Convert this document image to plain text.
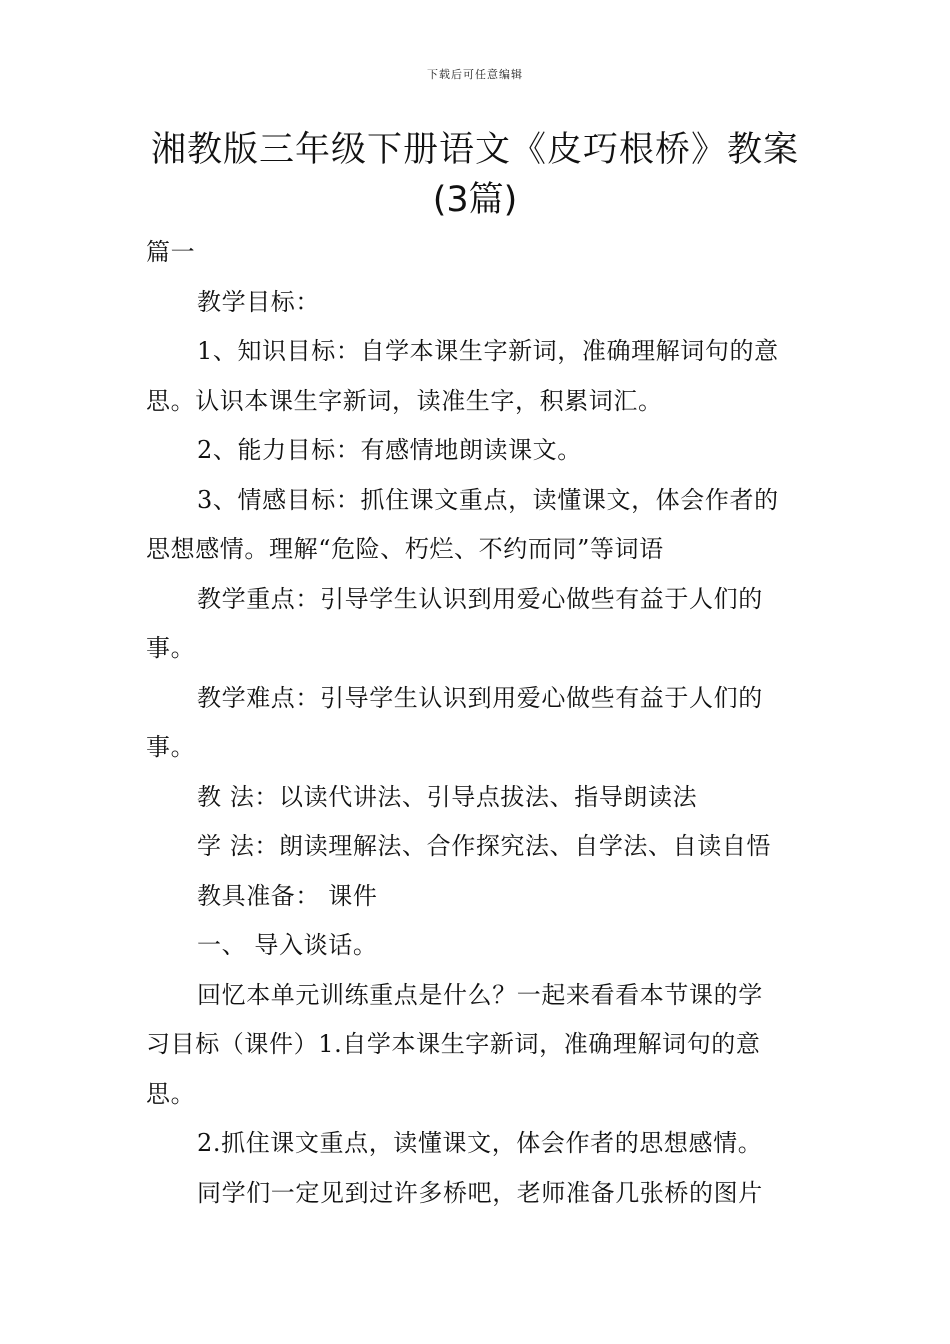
下载后可任意编辑
湘教版三年级下册语文《皮巧根桥》教案
(3篇)
篇一
教学目标：
1、知识目标：自学本课生字新词，准确理解词句的意
思。认识本课生字新词，读准生字，积累词汇。
2、能力目标：有感情地朗读课文。
3、情感目标：抓住课文重点，读懂课文，体会作者的
思想感情。理解“危险、朽烂、不约而同”等词语
教学重点：引导学生认识到用爱心做些有益于人们的
事。
教学难点：引导学生认识到用爱心做些有益于人们的
事。
教 法：以读代讲法、引导点拔法、指导朗读法
学 法：朗读理解法、合作探究法、自学法、自读自悟
教具准备： 课件
一、 导入谈话。
回忆本单元训练重点是什么？一起来看看本节课的学
习目标（课件）1.自学本课生字新词，准确理解词句的意
思。
2.抓住课文重点，读懂课文，体会作者的思想感情。
同学们一定见到过许多桥吧，老师准备几张桥的图片
